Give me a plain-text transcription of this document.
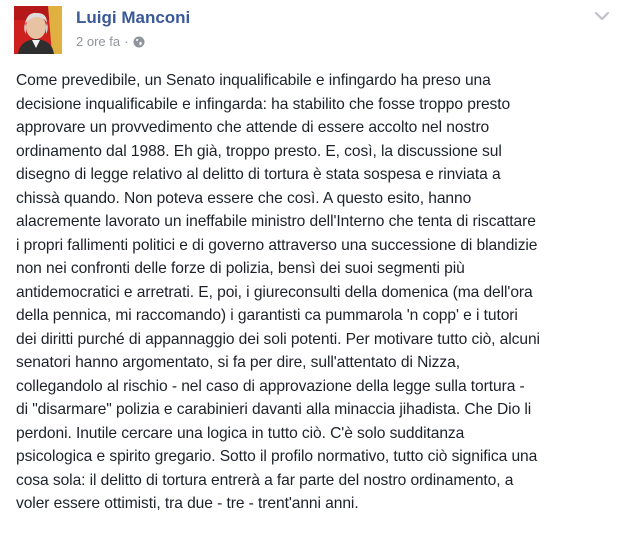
Luigi Manconi
2 ore fa ·
Come prevedibile, un Senato inqualificabile e infingardo ha preso una
decisione inqualificabile e infingarda: ha stabilito che fosse troppo presto
approvare un provvedimento che attende di essere accolto nel nostro
ordinamento dal 1988. Eh già, troppo presto. E, così, la discussione sul
disegno di legge relativo al delitto di tortura è stata sospesa e rinviata a
chissà quando. Non poteva essere che così. A questo esito, hanno
alacremente lavorato un ineffabile ministro dell'Interno che tenta di riscattare
i propri fallimenti politici e di governo attraverso una successione di blandizie
non nei confronti delle forze di polizia, bensì dei suoi segmenti più
antidemocratici e arretrati. E, poi, i giureconsulti della domenica (ma dell'ora
della pennica, mi raccomando) i garantisti ca pummarola 'n copp' e i tutori
dei diritti purché di appannaggio dei soli potenti. Per motivare tutto ciò, alcuni
senatori hanno argomentato, si fa per dire, sull'attentato di Nizza,
collegandolo al rischio - nel caso di approvazione della legge sulla tortura -
di "disarmare" polizia e carabinieri davanti alla minaccia jihadista. Che Dio li
perdoni. Inutile cercare una logica in tutto ciò. C'è solo sudditanza
psicologica e spirito gregario. Sotto il profilo normativo, tutto ciò significa una
cosa sola: il delitto di tortura entrerà a far parte del nostro ordinamento, a
voler essere ottimisti, tra due - tre - trent'anni anni.
